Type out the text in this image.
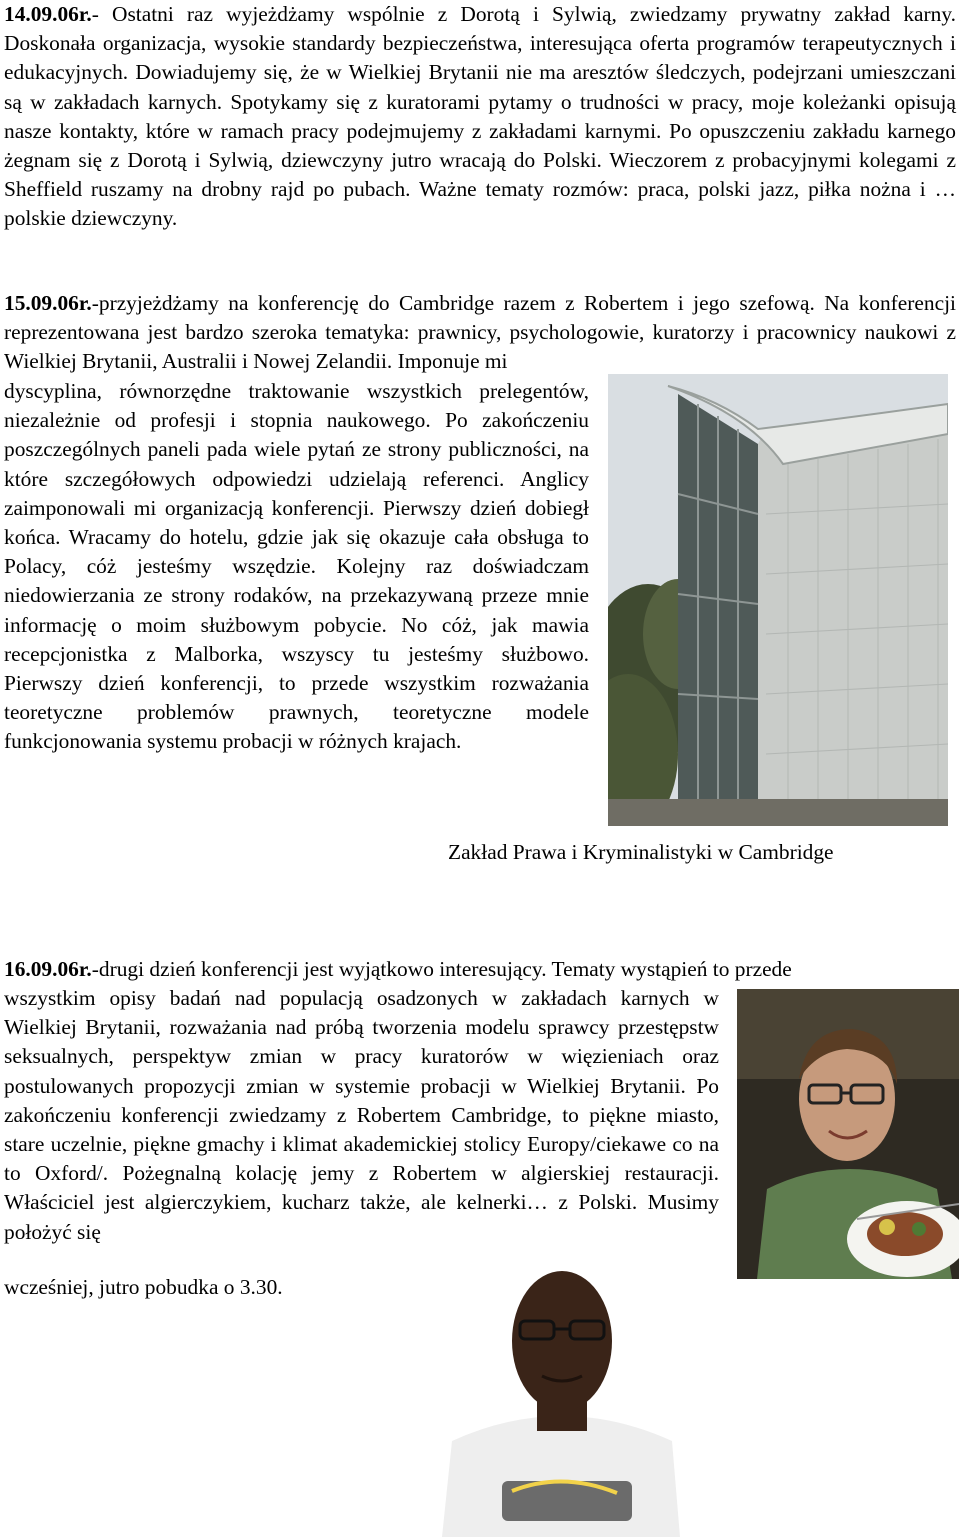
14.09.06r.- Ostatni raz wyjeżdżamy wspólnie z Dorotą i Sylwią, zwiedzamy prywatny zakład karny. Doskonała organizacja, wysokie standardy bezpieczeństwa, interesująca oferta programów terapeutycznych i edukacyjnych. Dowiadujemy się, że w Wielkiej Brytanii nie ma aresztów śledczych, podejrzani umieszczani są w zakładach karnych. Spotykamy się z kuratorami pytamy o trudności w pracy, moje koleżanki opisują nasze kontakty, które w ramach pracy podejmujemy z zakładami karnymi. Po opuszczeniu zakładu karnego żegnam się z Dorotą i Sylwią, dziewczyny jutro wracają do Polski. Wieczorem z probacyjnymi kolegami z Sheffield ruszamy na drobny rajd po pubach. Ważne tematy rozmów: praca, polski jazz, piłka nożna i … polskie dziewczyny.

15.09.06r.-przyjeżdżamy na konferencję do Cambridge razem z Robertem i jego szefową. Na konferencji reprezentowana jest bardzo szeroka tematyka: prawnicy, psychologowie, kuratorzy i pracownicy naukowi z Wielkiej Brytanii, Australii i Nowej Zelandii. Imponuje mi

dyscyplina, równorzędne traktowanie wszystkich prelegentów, niezależnie od profesji i stopnia naukowego. Po zakończeniu poszczególnych paneli pada wiele pytań ze strony publiczności, na które szczegółowych odpowiedzi udzielają referenci. Anglicy zaimponowali mi organizacją konferencji. Pierwszy dzień dobiegł końca. Wracamy do hotelu, gdzie jak się okazuje cała obsługa to Polacy, cóż jesteśmy wszędzie. Kolejny raz doświadczam niedowierzania ze strony rodaków, na przekazywaną przeze mnie informację o moim służbowym pobycie. No cóż, jak mawia recepcjonistka z Malborka, wszyscy tu jesteśmy służbowo. Pierwszy dzień konferencji, to przede wszystkim rozważania teoretyczne problemów prawnych, teoretyczne modele funkcjonowania systemu probacji w różnych krajach.

Zakład Prawa i Kryminalistyki w Cambridge

16.09.06r.-drugi dzień konferencji jest wyjątkowo interesujący. Tematy wystąpień to przede

wszystkim opisy badań nad populacją osadzonych w zakładach karnych w Wielkiej Brytanii, rozważania nad próbą tworzenia modelu sprawcy przestępstw seksualnych, perspektyw zmian w pracy kuratorów w więzieniach oraz postulowanych propozycji zmian w systemie probacji w Wielkiej Brytanii. Po zakończeniu konferencji zwiedzamy z Robertem Cambridge, to piękne miasto, stare uczelnie, piękne gmachy i klimat akademickiej stolicy Europy/ciekawe co na to Oxford/. Pożegnalną kolację jemy z Robertem w algierskiej restauracji. Właściciel jest algierczykiem, kucharz także, ale kelnerki… z Polski. Musimy położyć się

wcześniej, jutro pobudka o 3.30.
